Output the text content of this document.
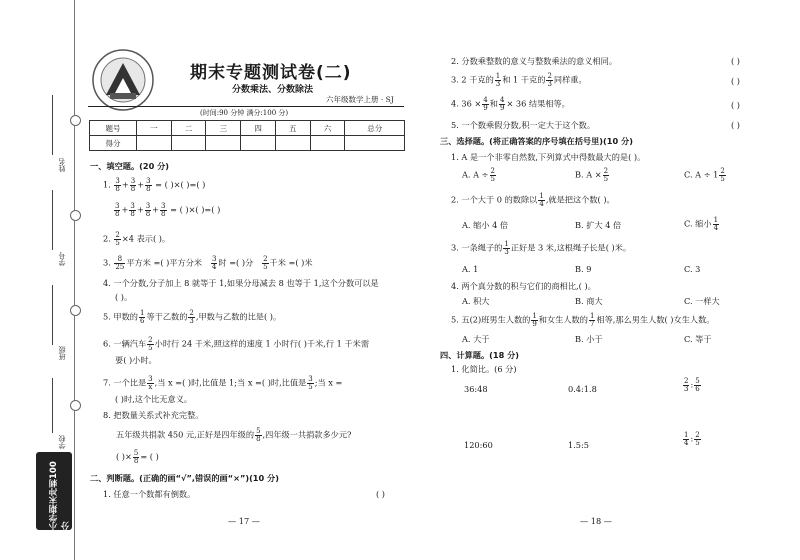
姓名
学号
班级
学校
小学期末冲刺100分
期末专题测试卷(二)
分数乘法、分数除法
六年级数学上册 · SJ
(时间:90 分钟 满分:100 分)
题号	一	二	三	四	五	六	总分
得分							
一、填空题。(20 分)
1. $\frac{3}{8} + \frac{3}{8} + \frac{3}{8}$ = ( )×( )=( )
$\frac{3}{8} + \frac{3}{8} + \frac{3}{8} + \frac{3}{8}$ = ( )×( )=( )
2. $\frac{2}{5} \times 4$ 表示( )。
3. $\frac{8}{25}$ 平方米 =( )平方分米 $\frac{3}{4}$ 时 =( )分 $\frac{2}{5}$ 千米 =( )米
4. 一个分数,分子加上 8 就等于 1,如果分母减去 8 也等于 1,这个分数可以是
( )。
5. 甲数的 $\frac{1}{6}$ 等于乙数的 $\frac{2}{3}$ ,甲数与乙数的比是( )。
6. 一辆汽车 $\frac{2}{5}$ 小时行 24 千米,照这样的速度 1 小时行( )千米,行 1 千米需
要( )小时。
7. 一个比是 $\frac{3}{x}$ ,当 x =( )时,比值是 1;当 x =( )时,比值是 $\frac{3}{5}$ ;当 x =
( )时,这个比无意义。
8. 把数量关系式补充完整。
五年级共捐款 450 元,正好是四年级的 $\frac{5}{8}$ ,四年级一共捐款多少元?
( )× $\frac{5}{8}$ = ( )
二、判断题。(正确的画“√”,错误的画“×”)(10 分)
1. 任意一个数都有倒数。	( )
— 17 —
2. 分数乘整数的意义与整数乘法的意义相同。	( )
3. 2 千克的 $\frac{1}{3}$ 和 1 千克的 $\frac{2}{3}$ 同样重。	( )
4. $36 \times \frac{4}{9}$ 和 $\frac{4}{9} \times 36$ 结果相等。	( )
5. 一个数乘假分数,积一定大于这个数。	( )
三、选择题。(将正确答案的序号填在括号里)(10 分)
1. A 是一个非零自然数,下列算式中得数最大的是( )。
A. $A \div \frac{2}{5}$	B. $A \times \frac{2}{5}$	C. $A \div 1 \frac{2}{5}$
2. 一个大于 0 的数除以 $\frac{1}{4}$ ,就是把这个数( )。
A. 缩小 4 倍	B. 扩大 4 倍	C. 缩小 $\frac{1}{4}$
3. 一条绳子的 $\frac{1}{3}$ 正好是 3 米,这根绳子长是( )米。
A. 1	B. 9	C. 3
4. 两个真分数的积与它们的商相比,( )。
A. 积大	B. 商大	C. 一样大
5. 五(2)班男生人数的 $\frac{1}{9}$ 和女生人数的 $\frac{1}{7}$ 相等,那么男生人数( )女生人数。
A. 大于	B. 小于	C. 等于
四、计算题。(18 分)
1. 化简比。(6 分)
36:48	0.4:1.8	$\frac{2}{3}$ : $\frac{5}{6}$
120:60	1.5:5	$\frac{1}{4}$ : $\frac{2}{5}$
— 18 —
